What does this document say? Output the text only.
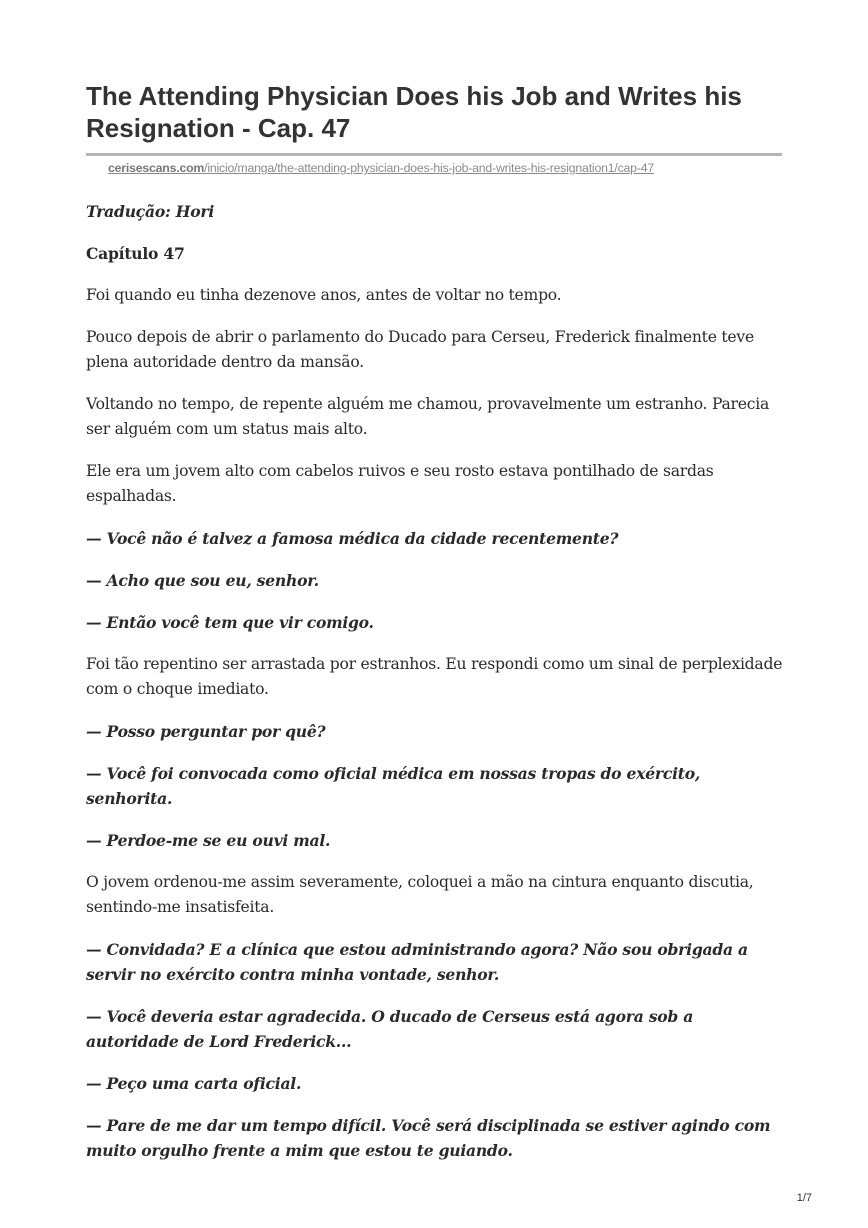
The Attending Physician Does his Job and Writes his Resignation - Cap. 47
cerisescans.com/inicio/manga/the-attending-physician-does-his-job-and-writes-his-resignation1/cap-47

Tradução: Hori

Capítulo 47

Foi quando eu tinha dezenove anos, antes de voltar no tempo.

Pouco depois de abrir o parlamento do Ducado para Cerseu, Frederick finalmente teve plena autoridade dentro da mansão.

Voltando no tempo, de repente alguém me chamou, provavelmente um estranho. Parecia ser alguém com um status mais alto.

Ele era um jovem alto com cabelos ruivos e seu rosto estava pontilhado de sardas espalhadas.

— Você não é talvez a famosa médica da cidade recentemente?

— Acho que sou eu, senhor.

— Então você tem que vir comigo.

Foi tão repentino ser arrastada por estranhos. Eu respondi como um sinal de perplexidade com o choque imediato.

— Posso perguntar por quê?

— Você foi convocada como oficial médica em nossas tropas do exército, senhorita.

— Perdoe-me se eu ouvi mal.

O jovem ordenou-me assim severamente, coloquei a mão na cintura enquanto discutia, sentindo-me insatisfeita.

— Convidada? E a clínica que estou administrando agora? Não sou obrigada a servir no exército contra minha vontade, senhor.

— Você deveria estar agradecida. O ducado de Cerseus está agora sob a autoridade de Lord Frederick...

— Peço uma carta oficial.

— Pare de me dar um tempo difícil. Você será disciplinada se estiver agindo com muito orgulho frente a mim que estou te guiando.

1/7
